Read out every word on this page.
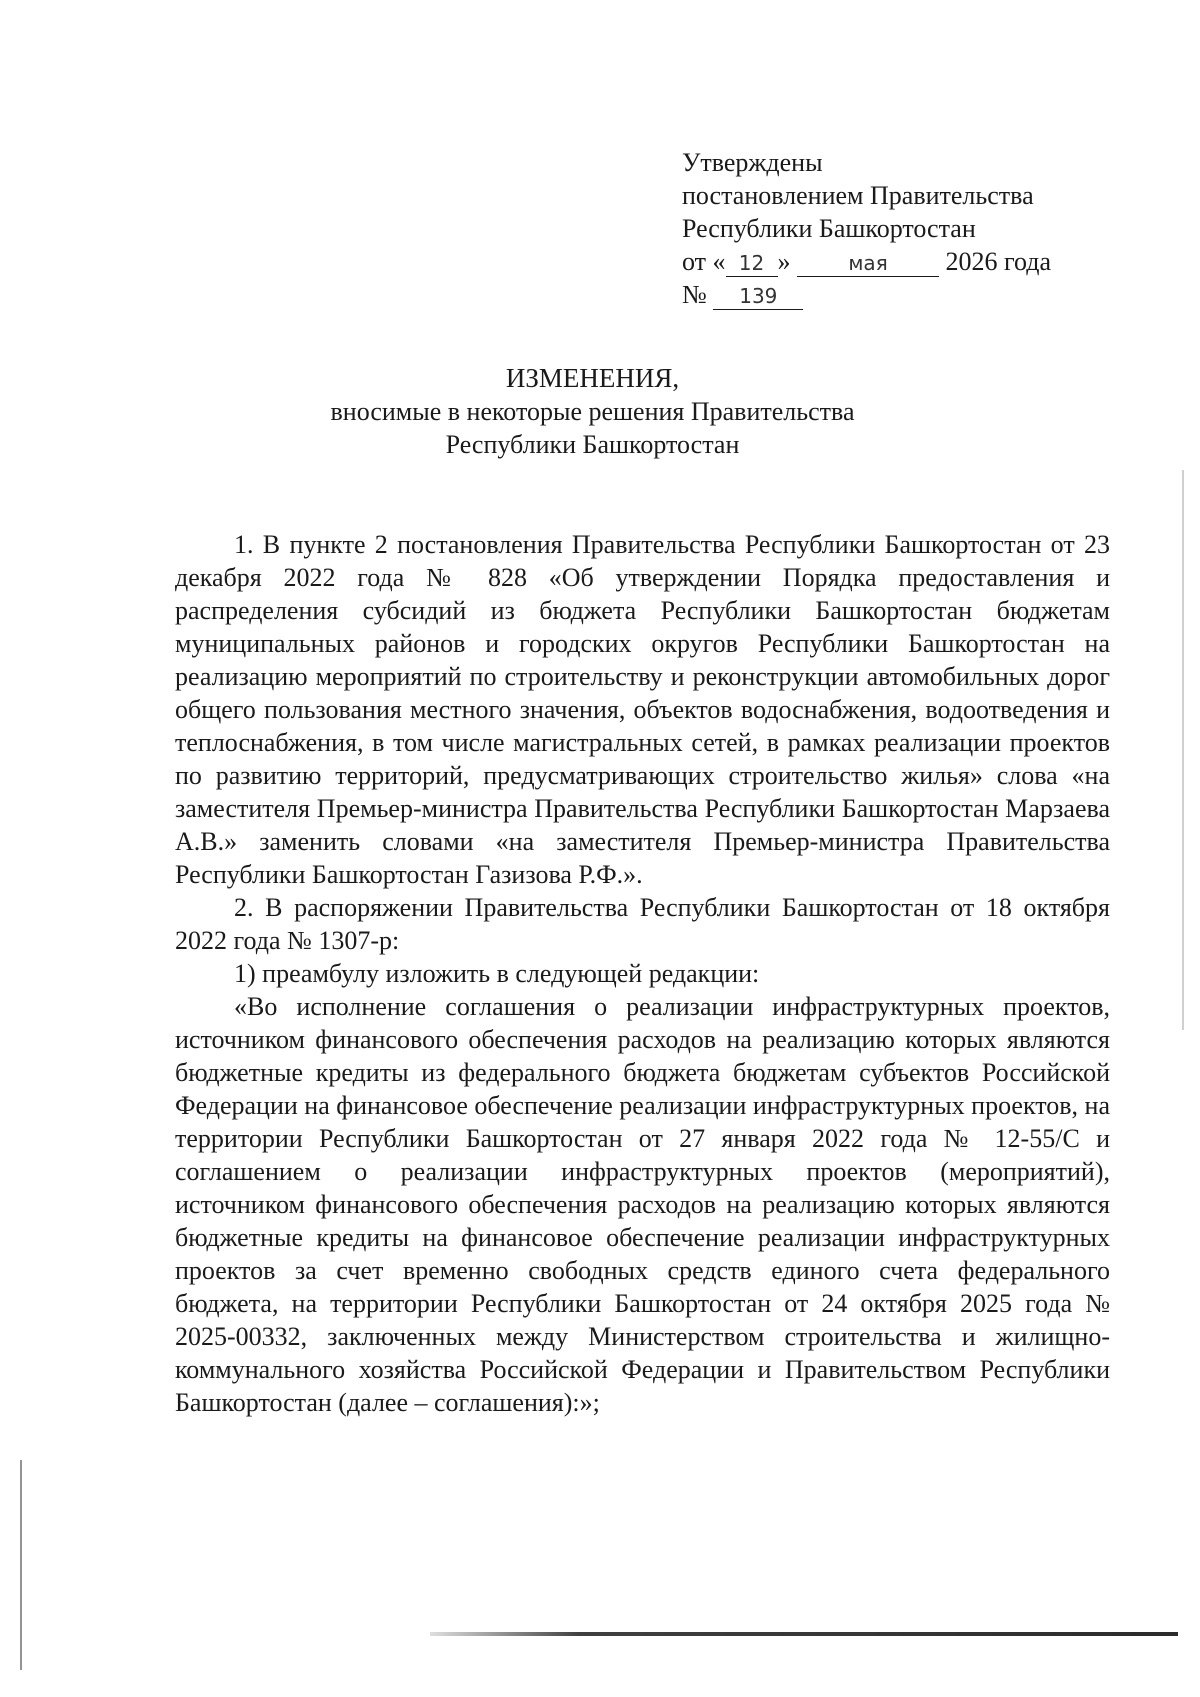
Утверждены
постановлением Правительства
Республики Башкортостан
от « 12 »	мая 2026 года
№ 139
ИЗМЕНЕНИЯ,
вносимые в некоторые решения Правительства
Республики Башкортостан

1. В пункте 2 постановления Правительства Республики Башкортостан от 23 декабря 2022 года № 828 «Об утверждении Порядка предоставления и распределения субсидий из бюджета Республики Башкортостан бюджетам муниципальных районов и городских округов Республики Башкортостан на реализацию мероприятий по строительству и реконструкции автомобильных дорог общего пользования местного значения, объектов водоснабжения, водоотведения и теплоснабжения, в том числе магистральных сетей, в рамках реализации проектов по развитию территорий, предусматривающих строительство жилья» слова «на заместителя Премьер-министра Правительства Республики Башкортостан Марзаева А.В.» заменить словами «на заместителя Премьер-министра Правительства Республики Башкортостан Газизова Р.Ф.».

2. В распоряжении Правительства Республики Башкортостан от 18 октября 2022 года № 1307-р:

1) преамбулу изложить в следующей редакции:

«Во исполнение соглашения о реализации инфраструктурных проектов, источником финансового обеспечения расходов на реализацию которых являются бюджетные кредиты из федерального бюджета бюджетам субъектов Российской Федерации на финансовое обеспечение реализации инфраструктурных проектов, на территории Республики Башкортостан от 27 января 2022 года № 12-55/С и соглашением о реализации инфраструктурных проектов (мероприятий), источником финансового обеспечения расходов на реализацию которых являются бюджетные кредиты на финансовое обеспечение реализации инфраструктурных проектов за счет временно свободных средств единого счета федерального бюджета, на территории Республики Башкортостан от 24 октября 2025 года № 2025-00332, заключенных между Министерством строительства и жилищно-коммунального хозяйства Российской Федерации и Правительством Республики Башкортостан (далее – соглашения):»;
